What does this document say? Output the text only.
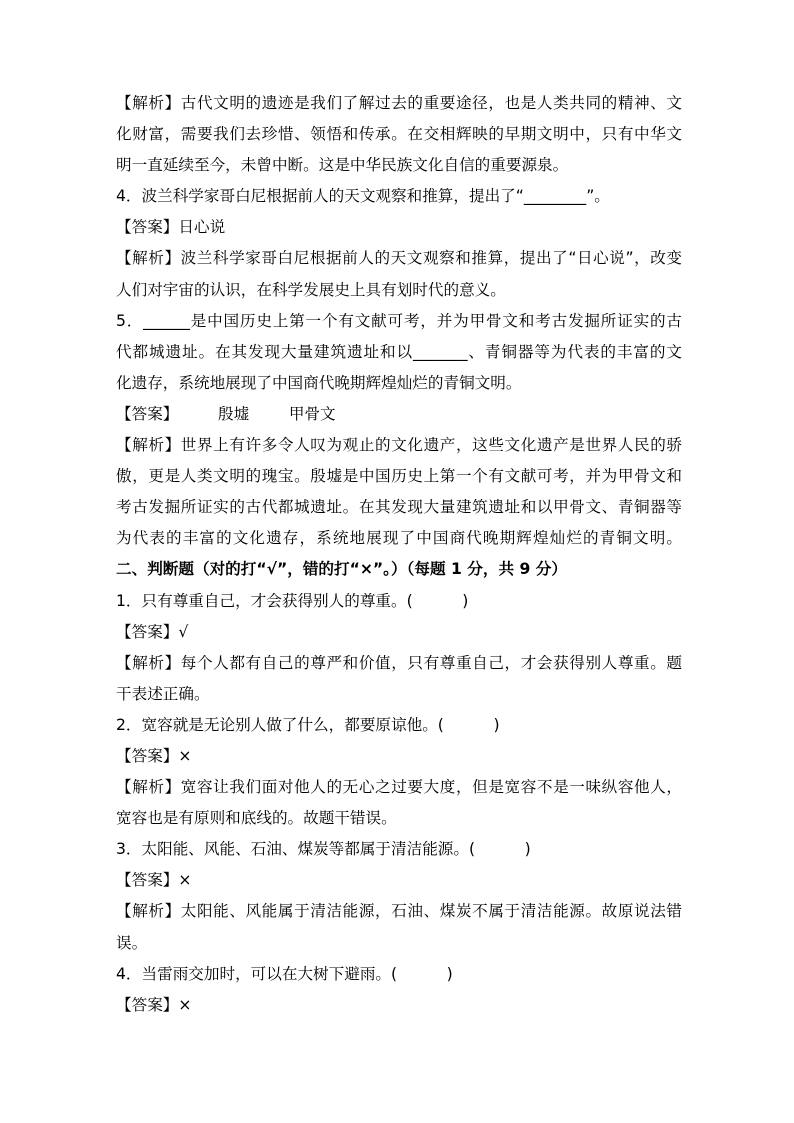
【解析】古代文明的遗迹是我们了解过去的重要途径，也是人类共同的精神、文
化财富，需要我们去珍惜、领悟和传承。在交相辉映的早期文明中，只有中华文
明一直延续至今，未曾中断。这是中华民族文化自信的重要源泉。
4．波兰科学家哥白尼根据前人的天文观察和推算，提出了“________”。
【答案】日心说
【解析】波兰科学家哥白尼根据前人的天文观察和推算，提出了“日心说”，改变
人们对宇宙的认识，在科学发展史上具有划时代的意义。
5．______是中国历史上第一个有文献可考，并为甲骨文和考古发掘所证实的古
代都城遗址。在其发现大量建筑遗址和以_______、青铜器等为代表的丰富的文
化遗存，系统地展现了中国商代晚期辉煌灿烂的青铜文明。
【答案】        殷墟        甲骨文
【解析】世界上有许多令人叹为观止的文化遗产，这些文化遗产是世界人民的骄
傲，更是人类文明的瑰宝。殷墟是中国历史上第一个有文献可考，并为甲骨文和
考古发掘所证实的古代都城遗址。在其发现大量建筑遗址和以甲骨文、青铜器等
为代表的丰富的文化遗存，系统地展现了中国商代晚期辉煌灿烂的青铜文明。
二、判断题（对的打“√”，错的打“×”。）（每题 1 分，共 9 分）
1．只有尊重自己，才会获得别人的尊重。(          )
【答案】√
【解析】每个人都有自己的尊严和价值，只有尊重自己，才会获得别人尊重。题
干表述正确。
2．宽容就是无论别人做了什么，都要原谅他。(          )
【答案】×
【解析】宽容让我们面对他人的无心之过要大度，但是宽容不是一味纵容他人，
宽容也是有原则和底线的。故题干错误。
3．太阳能、风能、石油、煤炭等都属于清洁能源。(          )
【答案】×
【解析】太阳能、风能属于清洁能源，石油、煤炭不属于清洁能源。故原说法错
误。
4．当雷雨交加时，可以在大树下避雨。(          )
【答案】×
